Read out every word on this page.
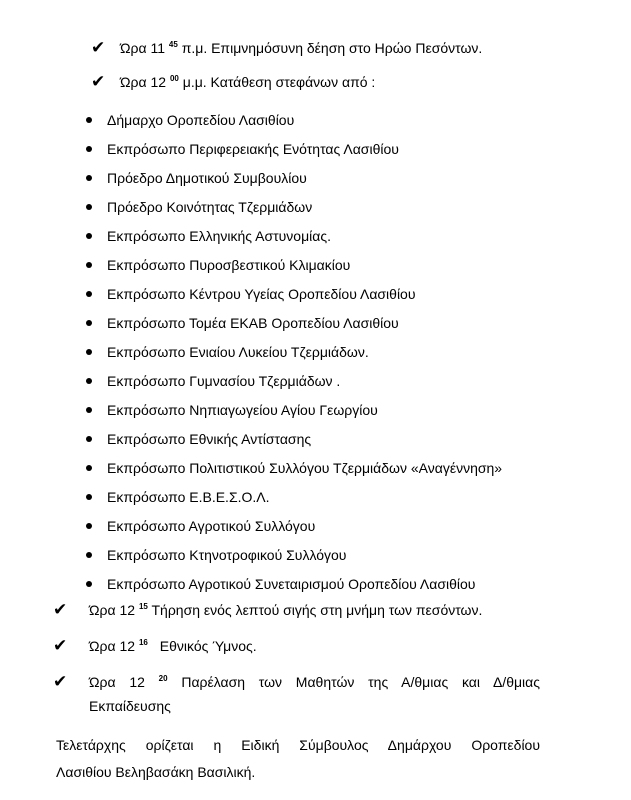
✔ Ώρα 11 $^{45}$ π.μ. Επιμνημόσυνη δέηση στο Ηρώο Πεσόντων.
✔ Ώρα 12 $^{00}$ μ.μ. Κατάθεση στεφάνων από :
Δήμαρχο Οροπεδίου Λασιθίου
Εκπρόσωπο Περιφερειακής Ενότητας Λασιθίου
Πρόεδρο Δημοτικού Συμβουλίου
Πρόεδρο Κοινότητας Τζερμιάδων
Εκπρόσωπο Ελληνικής Αστυνομίας.
Εκπρόσωπο Πυροσβεστικού Κλιμακίου
Εκπρόσωπο Κέντρου Υγείας Οροπεδίου Λασιθίου
Εκπρόσωπο Τομέα ΕΚΑΒ Οροπεδίου Λασιθίου
Εκπρόσωπο Ενιαίου Λυκείου Τζερμιάδων.
Εκπρόσωπο Γυμνασίου Τζερμιάδων .
Εκπρόσωπο Νηπιαγωγείου Αγίου Γεωργίου
Εκπρόσωπο Εθνικής Αντίστασης
Εκπρόσωπο Πολιτιστικού Συλλόγου Τζερμιάδων «Αναγέννηση»
Εκπρόσωπο Ε.Β.Ε.Σ.Ο.Λ.
Εκπρόσωπο Αγροτικού Συλλόγου
Εκπρόσωπο Κτηνοτροφικού Συλλόγου
Εκπρόσωπο Αγροτικού Συνεταιρισμού Οροπεδίου Λασιθίου
✔ Ώρα 12 $^{15}$ Τήρηση ενός λεπτού σιγής στη μνήμη των πεσόντων.
✔ Ώρα 12 $^{16}$ Εθνικός Ύμνος.
✔ Ώρα 12 $^{20}$ Παρέλαση των Μαθητών της Α/θμιας και Δ/θμιας
Εκπαίδευσης
Τελετάρχης ορίζεται η Ειδική Σύμβουλος Δημάρχου Οροπεδίου
Λασιθίου Βεληβασάκη Βασιλική.
